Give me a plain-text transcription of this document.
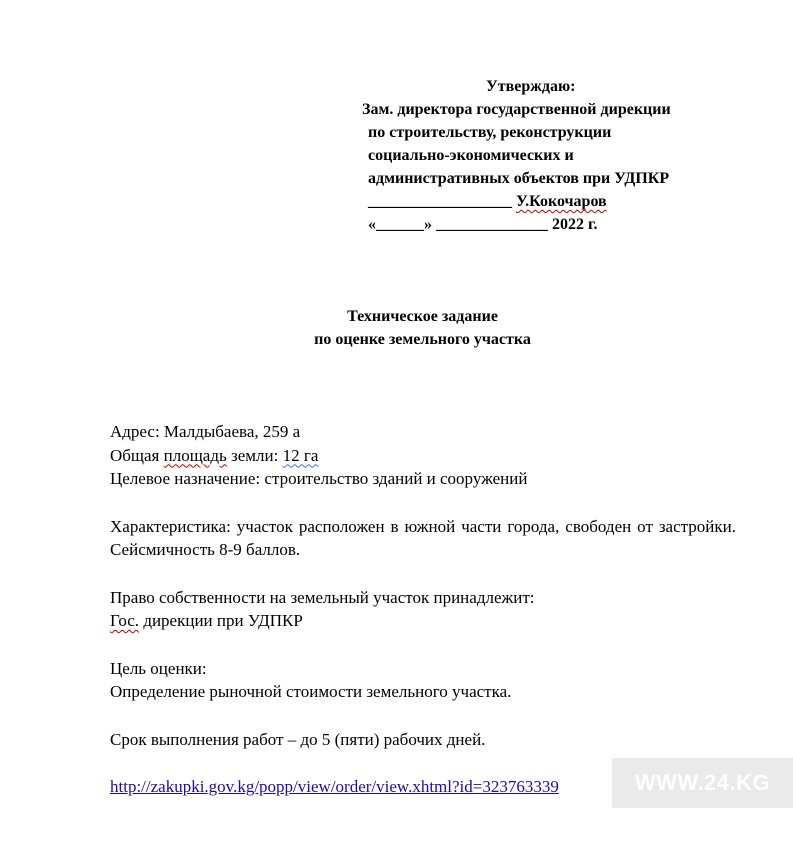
Утверждаю:
Зам. директора государственной дирекции
по строительству, реконструкции
социально-экономических и
административных объектов при УДПКР
__________________ У.Кокочаров
«______» ______________ 2022 г.
Техническое задание
по оценке земельного участка

Адрес: Малдыбаева, 259 а

Общая площадь земли: 12 га

Целевое назначение: строительство зданий и сооружений

Характеристика: участок расположен в южной части города, свободен от застройки. Сейсмичность 8-9 баллов.

Право собственности на земельный участок принадлежит:

Гос. дирекции при УДПКР

Цель оценки:

Определение рыночной стоимости земельного участка.

Срок выполнения работ – до 5 (пяти) рабочих дней.

http://zakupki.gov.kg/popp/view/order/view.xhtml?id=323763339	WWW.24.KG
